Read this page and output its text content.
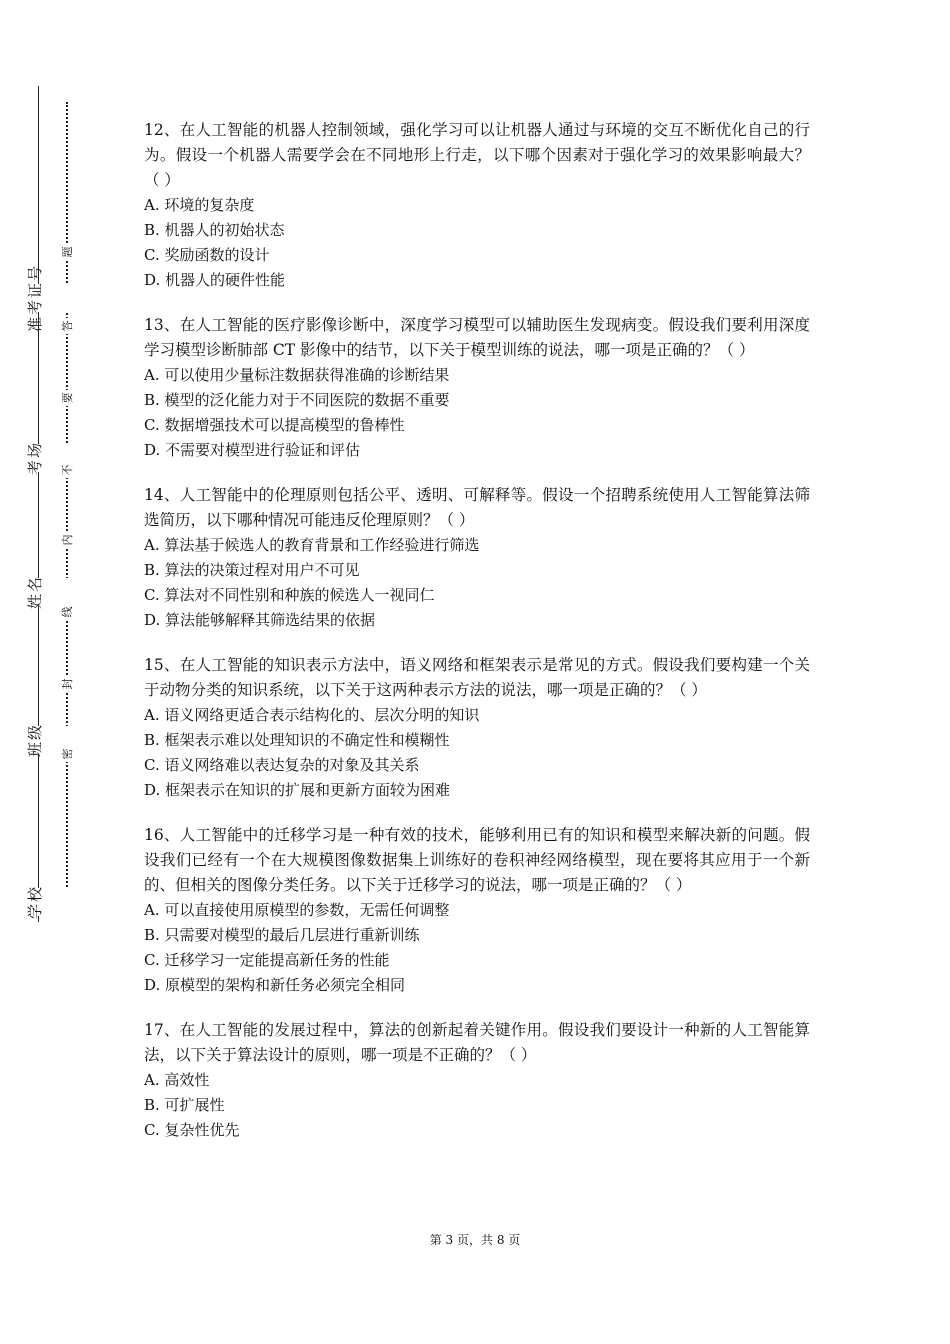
准考证号
考场
姓名
班级
学校
题
答
要
不
内
线
封
密

12、在人工智能的机器人控制领域，强化学习可以让机器人通过与环境的交互不断优化自己的行为。假设一个机器人需要学会在不同地形上行走，以下哪个因素对于强化学习的效果影响最大？（ ）

A. 环境的复杂度

B. 机器人的初始状态

C. 奖励函数的设计

D. 机器人的硬件性能

13、在人工智能的医疗影像诊断中，深度学习模型可以辅助医生发现病变。假设我们要利用深度学习模型诊断肺部 CT 影像中的结节，以下关于模型训练的说法，哪一项是正确的？（ ）

A. 可以使用少量标注数据获得准确的诊断结果

B. 模型的泛化能力对于不同医院的数据不重要

C. 数据增强技术可以提高模型的鲁棒性

D. 不需要对模型进行验证和评估

14、人工智能中的伦理原则包括公平、透明、可解释等。假设一个招聘系统使用人工智能算法筛选简历，以下哪种情况可能违反伦理原则？（ ）

A. 算法基于候选人的教育背景和工作经验进行筛选

B. 算法的决策过程对用户不可见

C. 算法对不同性别和种族的候选人一视同仁

D. 算法能够解释其筛选结果的依据

15、在人工智能的知识表示方法中，语义网络和框架表示是常见的方式。假设我们要构建一个关于动物分类的知识系统，以下关于这两种表示方法的说法，哪一项是正确的？（ ）

A. 语义网络更适合表示结构化的、层次分明的知识

B. 框架表示难以处理知识的不确定性和模糊性

C. 语义网络难以表达复杂的对象及其关系

D. 框架表示在知识的扩展和更新方面较为困难

16、人工智能中的迁移学习是一种有效的技术，能够利用已有的知识和模型来解决新的问题。假设我们已经有一个在大规模图像数据集上训练好的卷积神经网络模型，现在要将其应用于一个新的、但相关的图像分类任务。以下关于迁移学习的说法，哪一项是正确的？（ ）

A. 可以直接使用原模型的参数，无需任何调整

B. 只需要对模型的最后几层进行重新训练

C. 迁移学习一定能提高新任务的性能

D. 原模型的架构和新任务必须完全相同

17、在人工智能的发展过程中，算法的创新起着关键作用。假设我们要设计一种新的人工智能算法，以下关于算法设计的原则，哪一项是不正确的？（ ）

A. 高效性

B. 可扩展性

C. 复杂性优先

第 3 页，共 8 页
